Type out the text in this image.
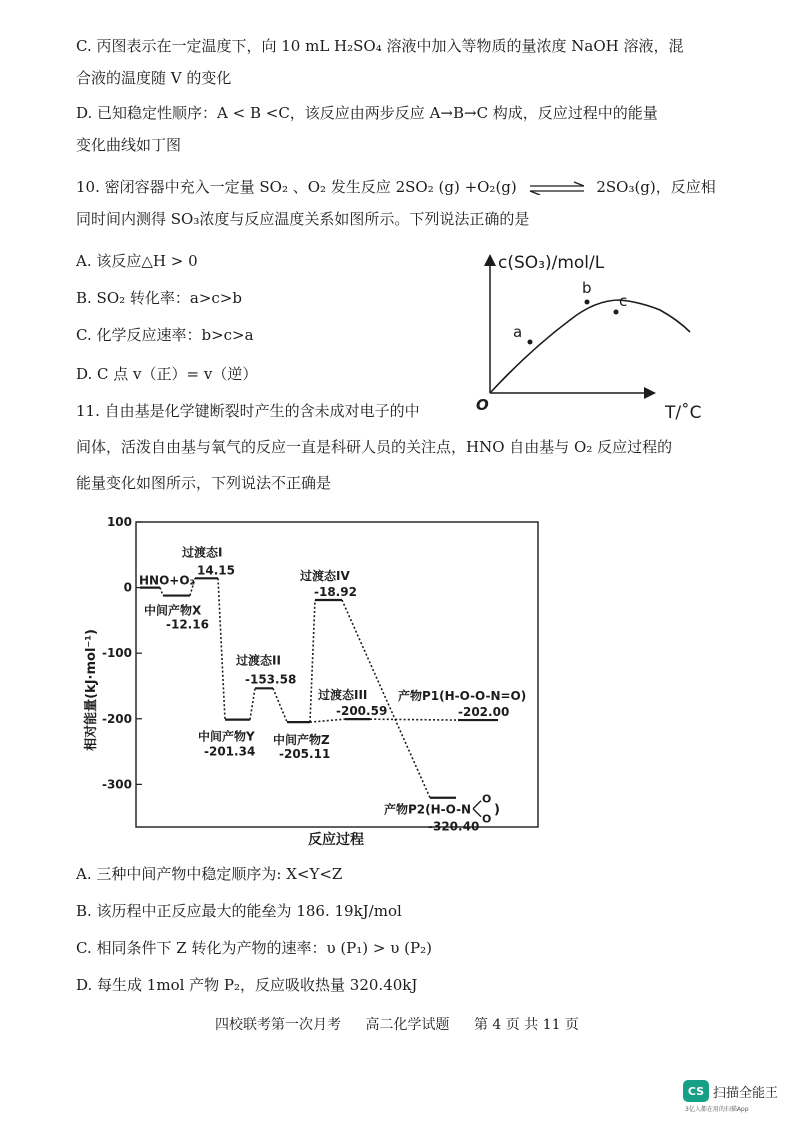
C. 丙图表示在一定温度下，向 10 mL H₂SO₄ 溶液中加入等物质的量浓度 NaOH 溶液，混
合液的温度随 V 的变化
D. 已知稳定性顺序：A < B <C，该反应由两步反应 A→B→C 构成，反应过程中的能量
变化曲线如丁图
10. 密闭容器中充入一定量 SO₂ 、O₂ 发生反应 2SO₂ (g) +O₂(g) ⇌ 2SO₃(g)，反应相
同时间内测得 SO₃浓度与反应温度关系如图所示。下列说法正确的是
A. 该反应△H > 0
B. SO₂ 转化率：a>c>b
C. 化学反应速率：b>c>a
D. C 点 v（正）= v（逆）
a
b
c
c(SO₃)/mol/L
T/˚C
O
11. 自由基是化学键断裂时产生的含未成对电子的中
间体，活泼自由基与氧气的反应一直是科研人员的关注点，HNO 自由基与 O₂ 反应过程的
能量变化如图所示，下列说法不正确是
100
0
-100
-200
-300
HNO+O₂
过渡态I
中间产物X
过渡态II
中间产物Y 中间产物Z
过渡态III
过渡态IV
产物P1(H-O-O-N=O)
产物P2(H-O-N
14.15
-12.16
-153.58
-201.34 -205.11
-200.59
-18.92
-202.00
-320.40
O
O
)
相对能量(kJ·mol⁻¹)
反应过程
A. 三种中间产物中稳定顺序为: X<Y<Z
B. 该历程中正反应最大的能垒为 186. 19kJ/mol
C. 相同条件下 Z 转化为产物的速率：υ (P₁) > υ (P₂)
D. 每生成 1mol 产物 P₂，反应吸收热量 320.40kJ
四校联考第一次月考 高二化学试题 第 4 页 共 11 页
CS 扫描全能王
3亿人都在用的扫描App
